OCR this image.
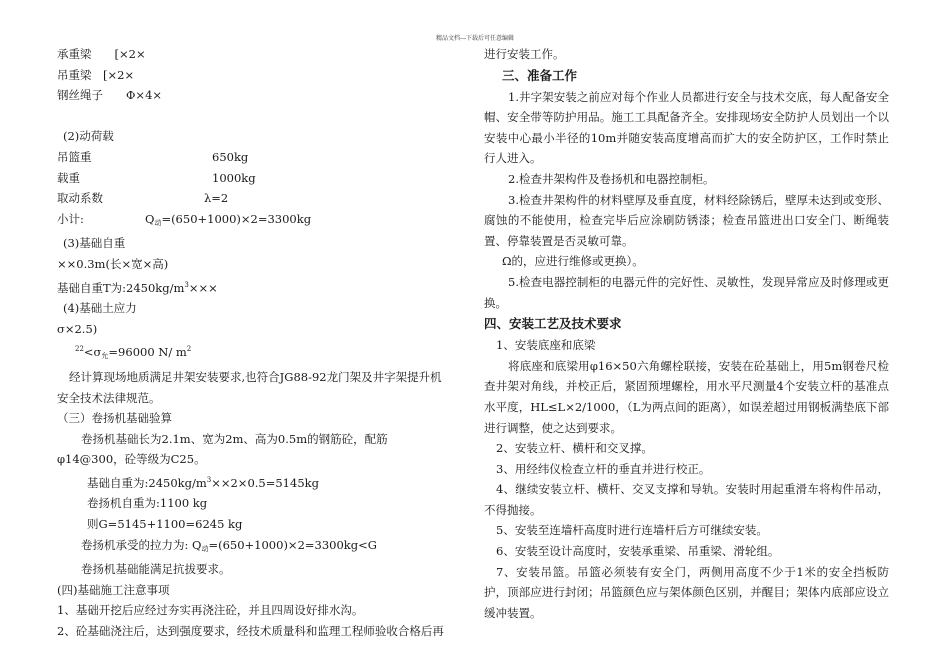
精品文档---下载后可任意编辑
承重梁　　[×2×
吊重梁　[×2×
钢丝绳子　　Φ×4×

(2)动荷载
吊篮重	650kg
载重	1000kg
取动系数	λ=2
小计:	$Q_动=(650+1000)\times 2=3300kg$
(3)基础自重
××0.3m(长×宽×高)
基础自重T为$:2450kg/m^3\times\times\times$
(4)基础土应力
σ×2.5)
$^{22}<\sigma_允=96000$ N/ $m^2$
经计算现场地质满足井架安装要求,也符合JG88-92龙门架及井字架提升机
安全技术法律规范。
（三）卷扬机基础验算
卷扬机基础长为2.1m、宽为2m、高为0.5m的钢筋砼，配筋
φ14@300，砼等级为C25。
基础自重为$:2450kg/m^3\times\times 2\times 0.5=5145kg$
卷扬机自重为:1100 kg
则G=5145+1100=6245 kg
卷扬机承受的拉力为: $Q_动=(650+1000)\times 2=3300kg<G$
卷扬机基础能满足抗拔要求。
(四)基础施工注意事项
1、基础开挖后应经过夯实再浇注砼，并且四周设好排水沟。
2、砼基础浇注后，达到强度要求，经技术质量科和监理工程师验收合格后再
进行安装工作。
三、准备工作
1.井字架安装之前应对每个作业人员都进行安全与技术交底，每人配备安全帽、安全带等防护用品。施工工具配备齐全。安排现场安全防护人员划出一个以安装中心最小半径的10m并随安装高度增高而扩大的安全防护区，工作时禁止行人进入。
2.检查井架构件及卷扬机和电器控制柜。
3.检查井架构件的材料壁厚及垂直度，材料经除锈后，壁厚未达到或变形、腐蚀的不能使用，检查完毕后应涂刷防锈漆；检查吊篮进出口安全门、断绳装置、停靠装置是否灵敏可靠。
Ω的，应进行维修或更换）。
5.检查电器控制柜的电器元件的完好性、灵敏性，发现异常应及时修理或更换。
四、安装工艺及技术要求
1、安装底座和底梁
将底座和底梁用φ16×50六角螺栓联接，安装在砼基础上，用5m钢卷尺检查井架对角线，并校正后，紧固预埋螺栓，用水平尺测量4个安装立杆的基准点水平度，HL≤L×2/1000，（L为两点间的距离），如误差超过用钢板满垫底下部进行调整，使之达到要求。
2、安装立杆、横杆和交叉撑。
3、用经纬仪检查立杆的垂直并进行校正。
4、继续安装立杆、横杆、交叉支撑和导轨。安装时用起重滑车将构件吊动，不得抛接。
5、安装至连墙杆高度时进行连墙杆后方可继续安装。
6、安装至设计高度时，安装承重梁、吊重梁、滑轮组。
7、安装吊篮。吊篮必须装有安全门，两侧用高度不少于1米的安全挡板防护，顶部应进行封闭；吊篮颜色应与架体颜色区别，并醒目；架体内底部应设立缓冲装置。
